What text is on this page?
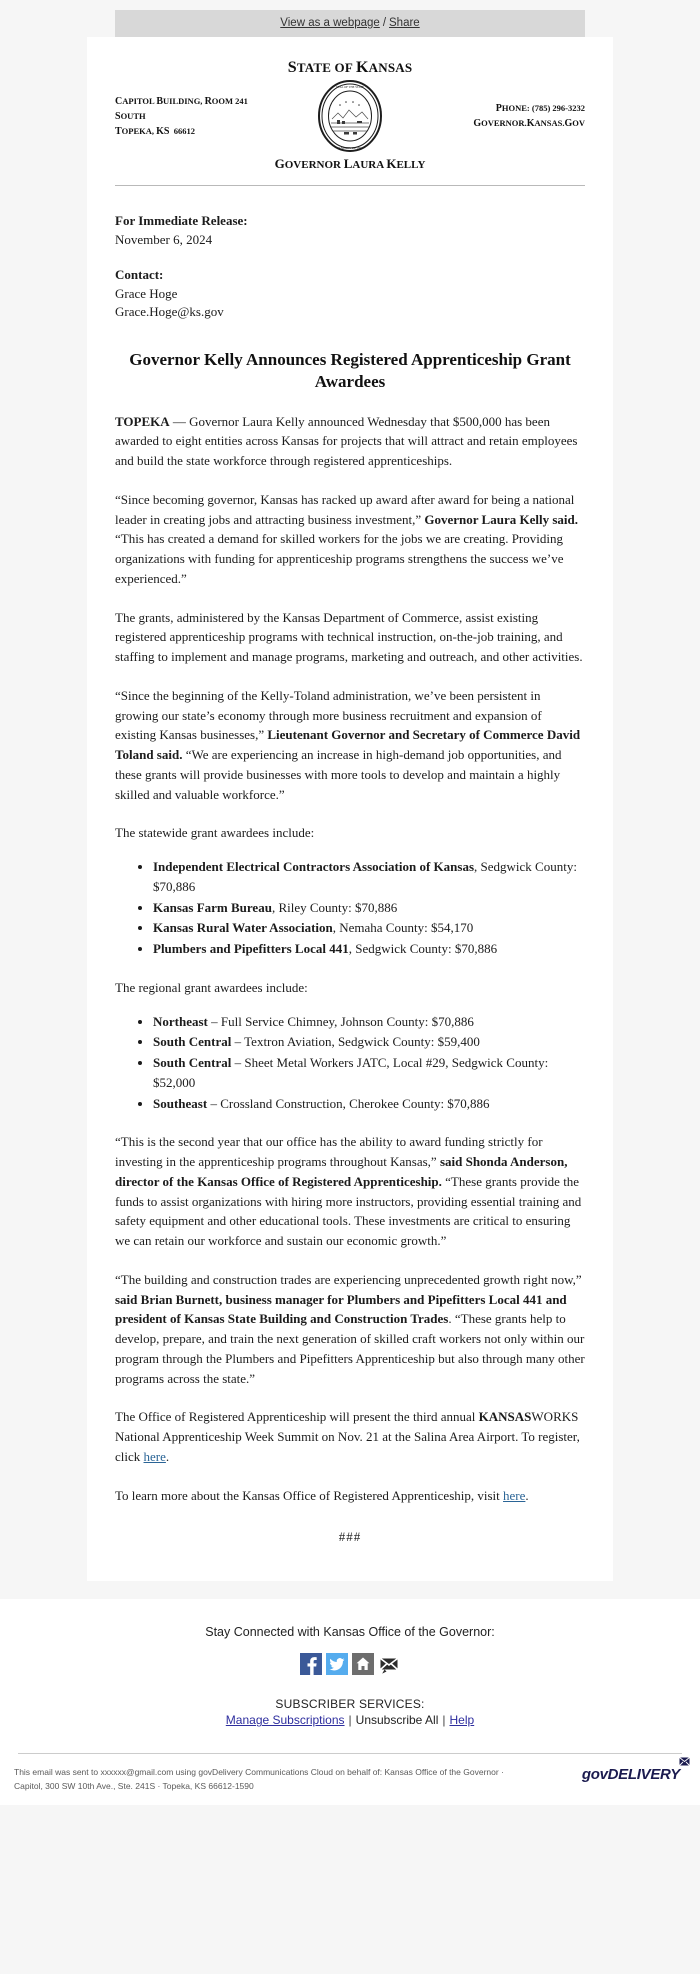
View as a webpage / Share
STATE OF KANSAS
CAPITOL BUILDING, ROOM 241 SOUTH
TOPEKA, KS  66612
SEAL OF THE STATE
JANUARY 29, 1861
PHONE: (785) 296-3232
GOVERNOR.KANSAS.GOV
GOVERNOR LAURA KELLY
For Immediate Release:
November 6, 2024
Contact:
Grace Hoge
Grace.Hoge@ks.gov
Governor Kelly Announces Registered Apprenticeship Grant Awardees

TOPEKA — Governor Laura Kelly announced Wednesday that $500,000 has been awarded to eight entities across Kansas for projects that will attract and retain employees and build the state workforce through registered apprenticeships.

“Since becoming governor, Kansas has racked up award after award for being a national leader in creating jobs and attracting business investment,” Governor Laura Kelly said. “This has created a demand for skilled workers for the jobs we are creating. Providing organizations with funding for apprenticeship programs strengthens the success we’ve experienced.”

The grants, administered by the Kansas Department of Commerce, assist existing registered apprenticeship programs with technical instruction, on-the-job training, and staffing to implement and manage programs, marketing and outreach, and other activities.

“Since the beginning of the Kelly-Toland administration, we’ve been persistent in growing our state’s economy through more business recruitment and expansion of existing Kansas businesses,” Lieutenant Governor and Secretary of Commerce David Toland said. “We are experiencing an increase in high-demand job opportunities, and these grants will provide businesses with more tools to develop and maintain a highly skilled and valuable workforce.”

The statewide grant awardees include:

• Independent Electrical Contractors Association of Kansas, Sedgwick County: $70,886
• Kansas Farm Bureau, Riley County: $70,886
• Kansas Rural Water Association, Nemaha County: $54,170
• Plumbers and Pipefitters Local 441, Sedgwick County: $70,886

The regional grant awardees include:

• Northeast – Full Service Chimney, Johnson County: $70,886
• South Central – Textron Aviation, Sedgwick County: $59,400
• South Central – Sheet Metal Workers JATC, Local #29, Sedgwick County: $52,000
• Southeast – Crossland Construction, Cherokee County: $70,886

“This is the second year that our office has the ability to award funding strictly for investing in the apprenticeship programs throughout Kansas,” said Shonda Anderson, director of the Kansas Office of Registered Apprenticeship. “These grants provide the funds to assist organizations with hiring more instructors, providing essential training and safety equipment and other educational tools. These investments are critical to ensuring we can retain our workforce and sustain our economic growth.”

“The building and construction trades are experiencing unprecedented growth right now,” said Brian Burnett, business manager for Plumbers and Pipefitters Local 441 and president of Kansas State Building and Construction Trades. “These grants help to develop, prepare, and train the next generation of skilled craft workers not only within our program through the Plumbers and Pipefitters Apprenticeship but also through many other programs across the state.”

The Office of Registered Apprenticeship will present the third annual KANSASWORKS National Apprenticeship Week Summit on Nov. 21 at the Salina Area Airport. To register, click here.

To learn more about the Kansas Office of Registered Apprenticeship, visit here.

###
Stay Connected with Kansas Office of the Governor:
SUBSCRIBER SERVICES:
Manage Subscriptions | Unsubscribe All | Help
This email was sent to xxxxxx@gmail.com using govDelivery Communications Cloud on behalf of: Kansas Office of the Governor · Capitol, 300 SW 10th Ave., Ste. 241S · Topeka, KS 66612-1590
govDELIVERY
